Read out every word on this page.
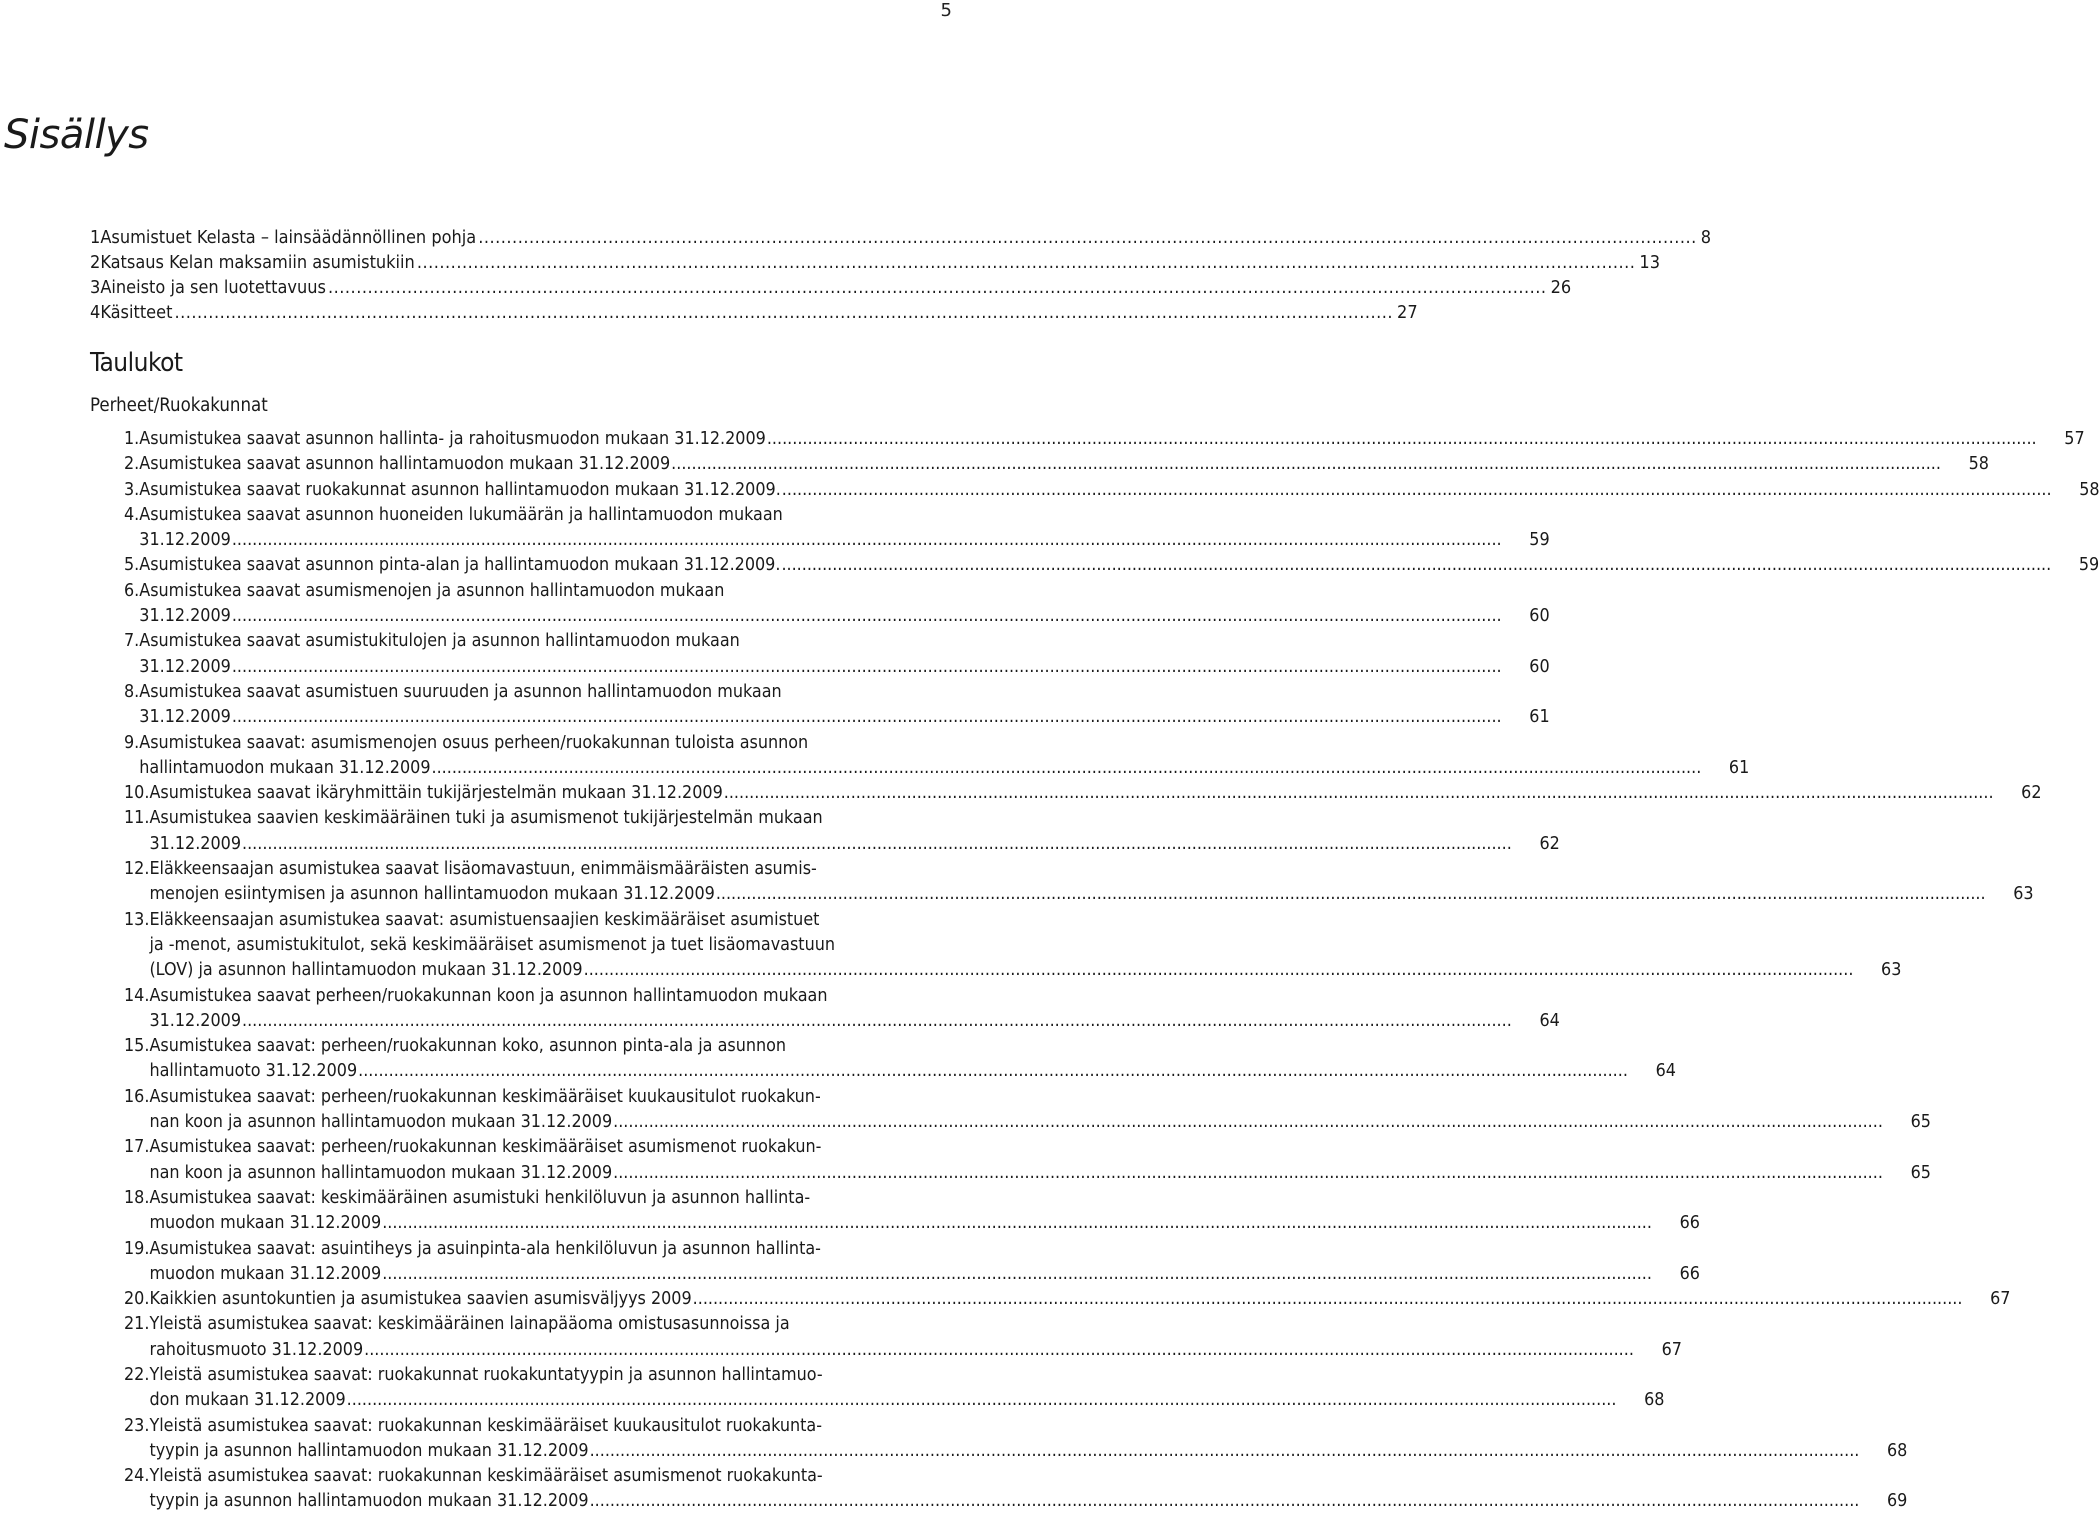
5
Sisällys
1 Asumistuet Kelasta – lainsäädännöllinen pohja .....	8
2 Katsaus Kelan maksamiin asumistukiin .....	13
3 Aineisto ja sen luotettavuus .....	26
4 Käsitteet .....	27
Taulukot
Perheet/Ruokakunnat
1. Asumistukea saavat asunnon hallinta- ja rahoitusmuodon mukaan 31.12.2009 .....	57
2. Asumistukea saavat asunnon hallintamuodon mukaan 31.12.2009 .....	58
3. Asumistukea saavat ruokakunnat asunnon hallintamuodon mukaan 31.12.2009. .....	58
4. Asumistukea saavat asunnon huoneiden lukumäärän ja hallintamuodon mukaan
31.12.2009 .....	59
5. Asumistukea saavat asunnon pinta-alan ja hallintamuodon mukaan 31.12.2009. .....	59
6. Asumistukea saavat asumismenojen ja asunnon hallintamuodon mukaan
31.12.2009 .....	60
7. Asumistukea saavat asumistukitulojen ja asunnon hallintamuodon mukaan
31.12.2009 .....	60
8. Asumistukea saavat asumistuen suuruuden ja asunnon hallintamuodon mukaan
31.12.2009 .....	61
9. Asumistukea saavat: asumismenojen osuus perheen/ruokakunnan tuloista asunnon
hallintamuodon mukaan 31.12.2009 .....	61
10. Asumistukea saavat ikäryhmittäin tukijärjestelmän mukaan 31.12.2009 .....	62
11. Asumistukea saavien keskimääräinen tuki ja asumismenot tukijärjestelmän mukaan
31.12.2009 .....	62
12. Eläkkeensaajan asumistukea saavat lisäomavastuun, enimmäismääräisten asumis-
menojen esiintymisen ja asunnon hallintamuodon mukaan 31.12.2009 .....	63
13. Eläkkeensaajan asumistukea saavat: asumistuensaajien keskimääräiset asumistuet
ja -menot, asumistukitulot, sekä keskimääräiset asumismenot ja tuet lisäomavastuun
(LOV) ja asunnon hallintamuodon mukaan 31.12.2009 .....	63
14. Asumistukea saavat perheen/ruokakunnan koon ja asunnon hallintamuodon mukaan
31.12.2009 .....	64
15. Asumistukea saavat: perheen/ruokakunnan koko, asunnon pinta-ala ja asunnon
hallintamuoto 31.12.2009 .....	64
16. Asumistukea saavat: perheen/ruokakunnan keskimääräiset kuukausitulot ruokakun-
nan koon ja asunnon hallintamuodon mukaan 31.12.2009 .....	65
17. Asumistukea saavat: perheen/ruokakunnan keskimääräiset asumismenot ruokakun-
nan koon ja asunnon hallintamuodon mukaan 31.12.2009 .....	65
18. Asumistukea saavat: keskimääräinen asumistuki henkilöluvun ja asunnon hallinta-
muodon mukaan 31.12.2009 .....	66
19. Asumistukea saavat: asuintiheys ja asuinpinta-ala henkilöluvun ja asunnon hallinta-
muodon mukaan 31.12.2009 .....	66
20. Kaikkien asuntokuntien ja asumistukea saavien asumisväljyys 2009 .....	67
21. Yleistä asumistukea saavat: keskimääräinen lainapääoma omistusasunnoissa ja
rahoitusmuoto 31.12.2009 .....	67
22. Yleistä asumistukea saavat: ruokakunnat ruokakuntatyypin ja asunnon hallintamuo-
don mukaan 31.12.2009 .....	68
23. Yleistä asumistukea saavat: ruokakunnan keskimääräiset kuukausitulot ruokakunta-
tyypin ja asunnon hallintamuodon mukaan 31.12.2009 .....	68
24. Yleistä asumistukea saavat: ruokakunnan keskimääräiset asumismenot ruokakunta-
tyypin ja asunnon hallintamuodon mukaan 31.12.2009 .....	69
